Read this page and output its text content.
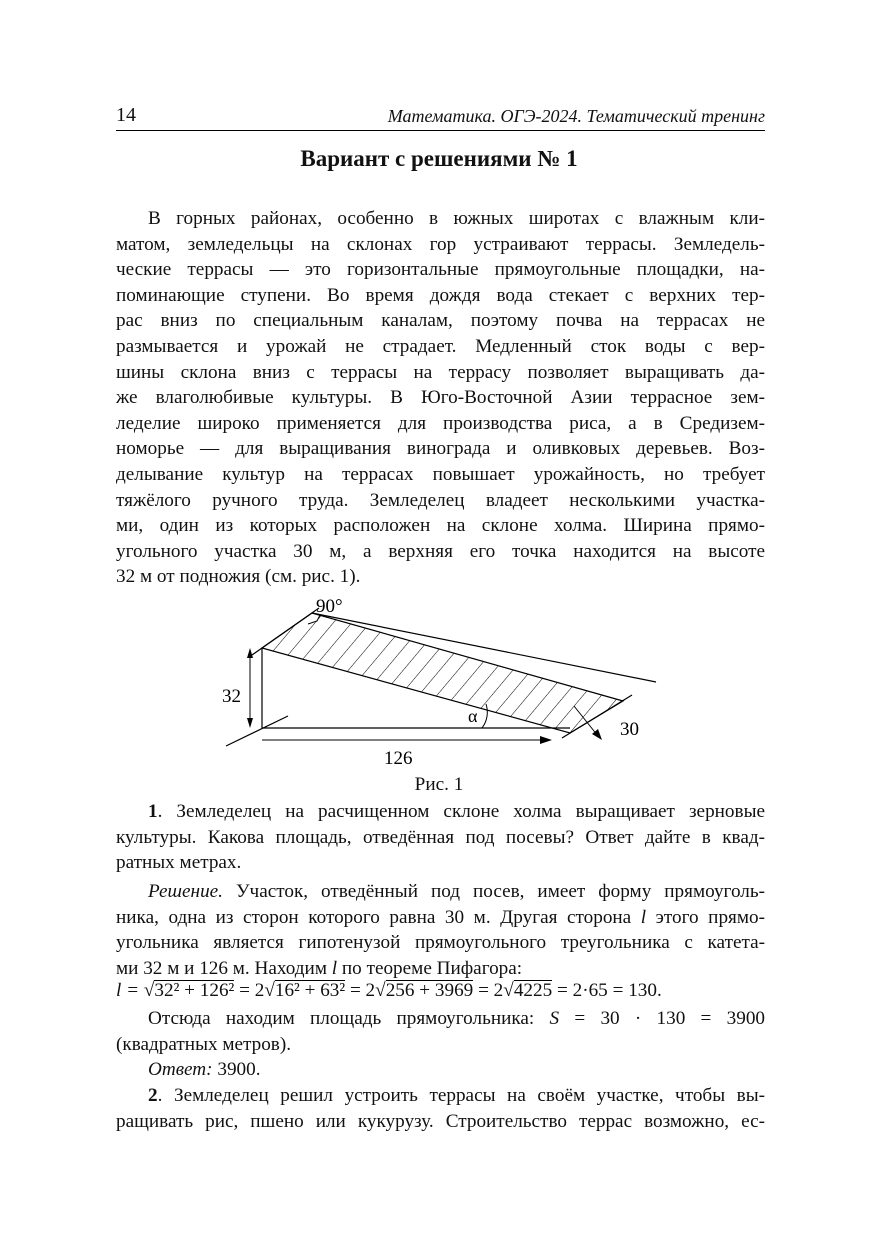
14	Математика. ОГЭ-2024. Тематический тренинг
Вариант с решениями № 1
В горных районах, особенно в южных широтах с влажным кли-
матом, земледельцы на склонах гор устраивают террасы. Земледель-
ческие террасы — это горизонтальные прямоугольные площадки, на-
поминающие ступени. Во время дождя вода стекает с верхних тер-
рас вниз по специальным каналам, поэтому почва на террасах не
размывается и урожай не страдает. Медленный сток воды с вер-
шины склона вниз с террасы на террасу позволяет выращивать да-
же влаголюбивые культуры. В Юго-Восточной Азии террасное зем-
леделие широко применяется для производства риса, а в Средизем-
номорье — для выращивания винограда и оливковых деревьев. Воз-
делывание культур на террасах повышает урожайность, но требует
тяжёлого ручного труда. Земледелец владеет несколькими участка-
ми, один из которых расположен на склоне холма. Ширина прямо-
угольного участка 30 м, а верхняя его точка находится на высоте
32 м от подножия (см. рис. 1).
90°
32
126
30
α
Рис. 1
1. Земледелец на расчищенном склоне холма выращивает зерновые
культуры. Какова площадь, отведённая под посевы? Ответ дайте в квад-
ратных метрах.
Решение. Участок, отведённый под посев, имеет форму прямоуголь-
ника, одна из сторон которого равна 30 м. Другая сторона l этого прямо-
угольника является гипотенузой прямоугольного треугольника с катета-
ми 32 м и 126 м. Находим l по теореме Пифагора:
l = √32² + 126² = 2√16² + 63² = 2√256 + 3969 = 2√4225 = 2·65 = 130.
Отсюда находим площадь прямоугольника: S = 30 · 130 = 3900
(квадратных метров).
Ответ: 3900.
2. Земледелец решил устроить террасы на своём участке, чтобы вы-
ращивать рис, пшено или кукурузу. Строительство террас возможно, ес-
